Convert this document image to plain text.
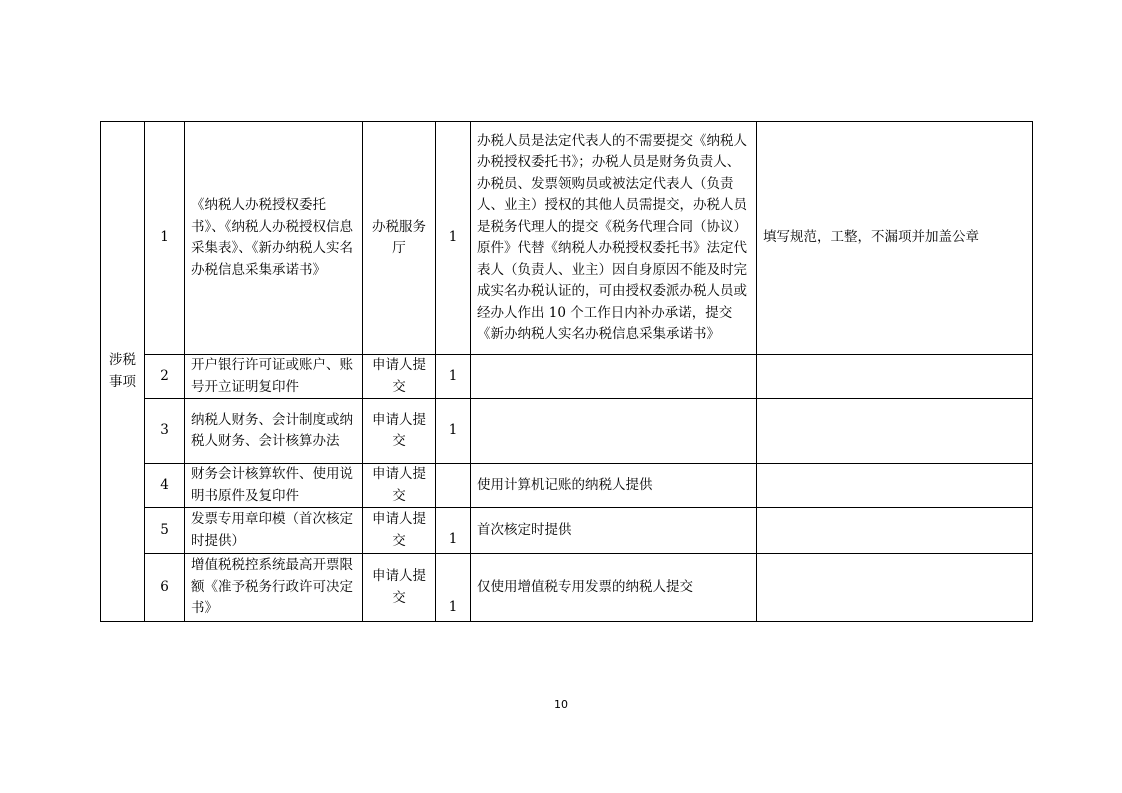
涉税事项	1	《纳税人办税授权委托书》、《纳税人办税授权信息采集表》、《新办纳税人实名办税信息采集承诺书》	办税服务厅	1	办税人员是法定代表人的不需要提交《纳税人办税授权委托书》；办税人员是财务负责人、办税员、发票领购员或被法定代表人（负责人、业主）授权的其他人员需提交，办税人员是税务代理人的提交《税务代理合同（协议）原件》代替《纳税人办税授权委托书》法定代表人（负责人、业主）因自身原因不能及时完成实名办税认证的，可由授权委派办税人员或经办人作出 10 个工作日内补办承诺，提交《新办纳税人实名办税信息采集承诺书》	填写规范，工整，不漏项并加盖公章
	2	开户银行许可证或账户、账号开立证明复印件	申请人提交	1		
	3	纳税人财务、会计制度或纳税人财务、会计核算办法	申请人提交	1		
	4	财务会计核算软件、使用说明书原件及复印件	申请人提交		使用计算机记账的纳税人提供	
	5	发票专用章印模（首次核定时提供）	申请人提交	1	首次核定时提供	
	6	增值税税控系统最高开票限额《准予税务行政许可决定书》	申请人提交	1	仅使用增值税专用发票的纳税人提交	
10
